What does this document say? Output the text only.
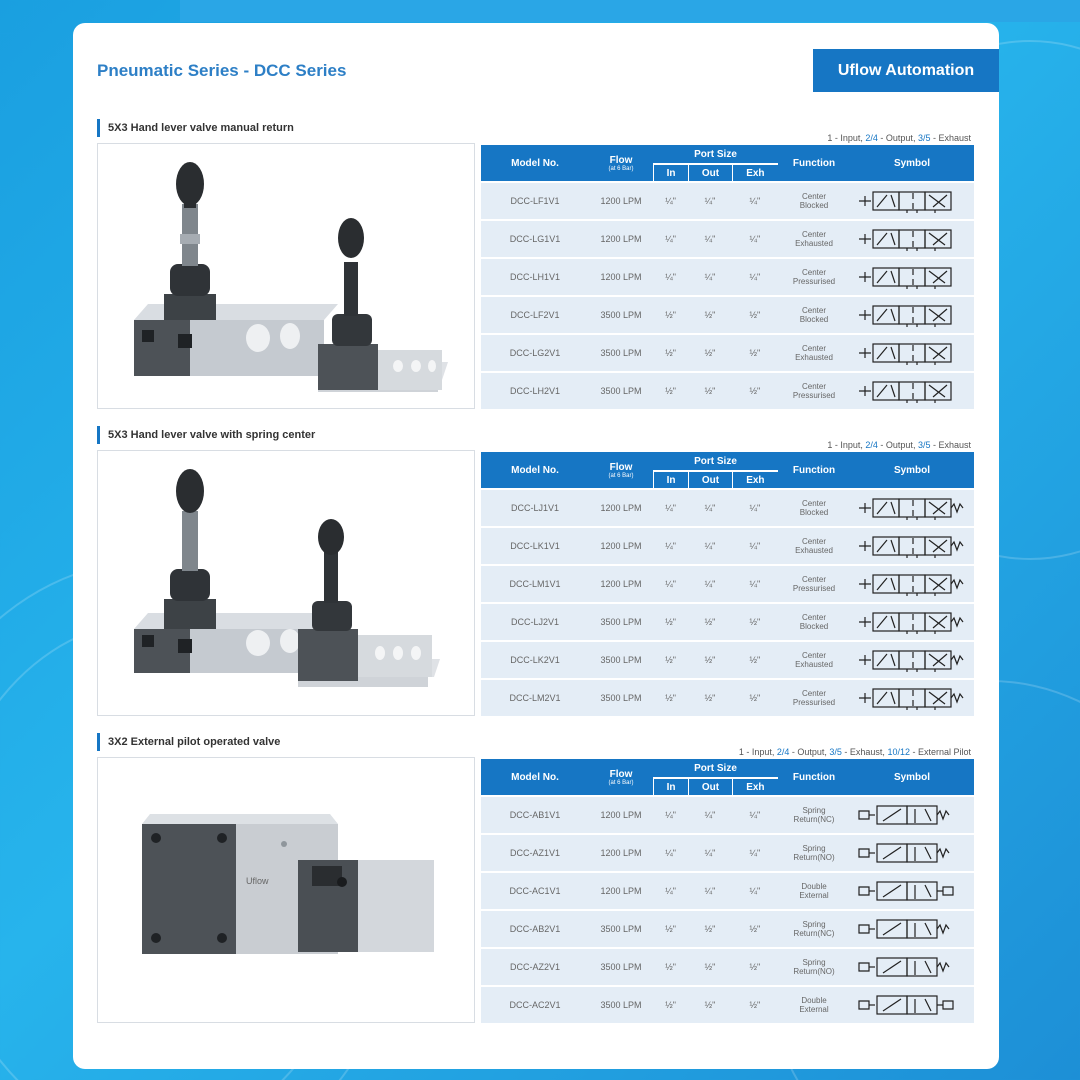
Pneumatic Series - DCC Series	Uflow Automation
5X3 Hand lever valve manual return
1 - Input, 2/4 - Output, 3/5 - Exhaust
Model No.	Flow
(at 6 Bar)	Port Size			Function	Symbol
		In	Out	Exh		
DCC-LF1V1	1200 LPM	¼"	¼"	¼"	Center
Blocked	

DCC-LG1V1	1200 LPM	¼"	¼"	¼"	Center
Exhausted	

DCC-LH1V1	1200 LPM	¼"	¼"	¼"	Center
Pressurised	

DCC-LF2V1	3500 LPM	½"	½"	½"	Center
Blocked	

DCC-LG2V1	3500 LPM	½"	½"	½"	Center
Exhausted	

DCC-LH2V1	3500 LPM	½"	½"	½"	Center
Pressurised	
5X3 Hand lever valve with spring center
1 - Input, 2/4 - Output, 3/5 - Exhaust
Model No.	Flow
(at 6 Bar)	Port Size			Function	Symbol
		In	Out	Exh		
DCC-LJ1V1	1200 LPM	¼"	¼"	¼"	Center
Blocked	

DCC-LK1V1	1200 LPM	¼"	¼"	¼"	Center
Exhausted	

DCC-LM1V1	1200 LPM	¼"	¼"	¼"	Center
Pressurised	

DCC-LJ2V1	3500 LPM	½"	½"	½"	Center
Blocked	

DCC-LK2V1	3500 LPM	½"	½"	½"	Center
Exhausted	

DCC-LM2V1	3500 LPM	½"	½"	½"	Center
Pressurised	
3X2 External pilot operated valve
1 - Input, 2/4 - Output, 3/5 - Exhaust, 10/12 - External Pilot
Uflow
Model No.	Flow
(at 6 Bar)	Port Size			Function	Symbol
		In	Out	Exh		
DCC-AB1V1	1200 LPM	¼"	¼"	¼"	Spring
Return(NC)	

DCC-AZ1V1	1200 LPM	¼"	¼"	¼"	Spring
Return(NO)	

DCC-AC1V1	1200 LPM	¼"	¼"	¼"	Double
External	

DCC-AB2V1	3500 LPM	½"	½"	½"	Spring
Return(NC)	

DCC-AZ2V1	3500 LPM	½"	½"	½"	Spring
Return(NO)	

DCC-AC2V1	3500 LPM	½"	½"	½"	Double
External	
